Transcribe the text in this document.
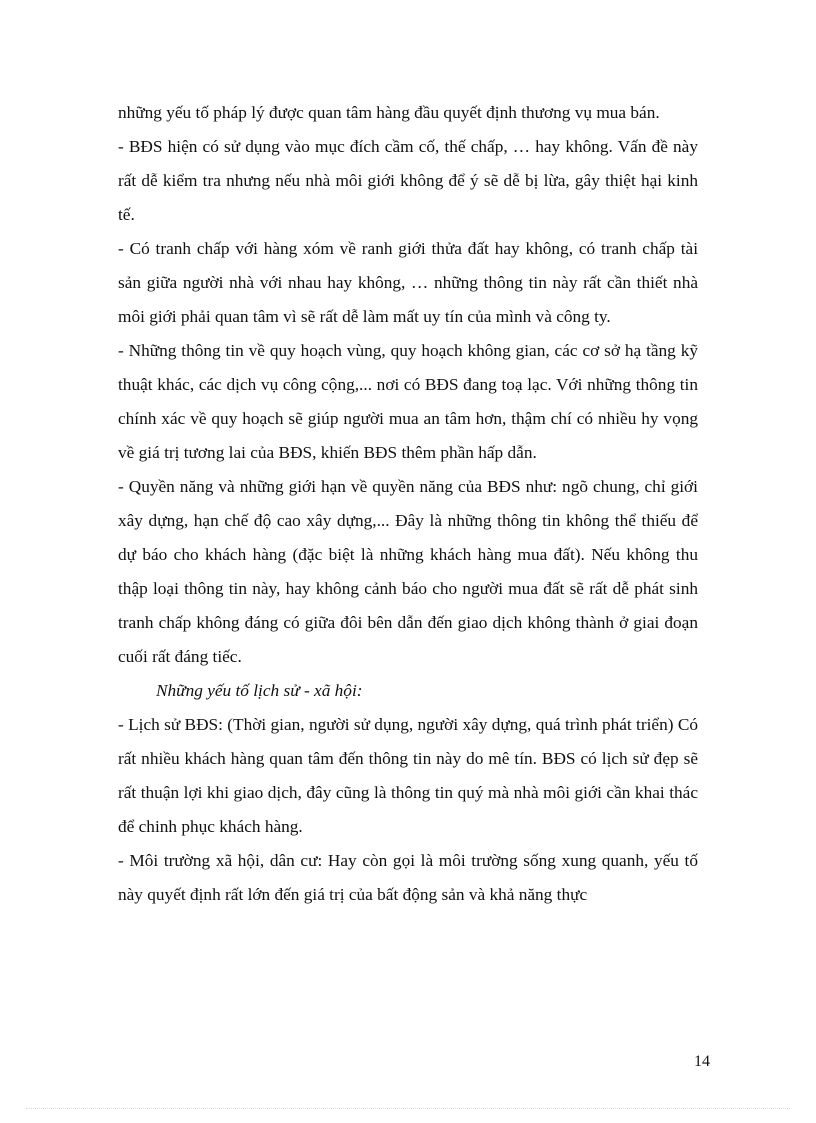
những yếu tố pháp lý được quan tâm hàng đầu quyết định thương vụ mua bán.

- BĐS hiện có sử dụng vào mục đích cầm cố, thế chấp, … hay không. Vấn đề này rất dễ kiểm tra nhưng nếu nhà môi giới không để ý sẽ dễ bị lừa, gây thiệt hại kinh tế.

- Có tranh chấp với hàng xóm về ranh giới thửa đất hay không, có tranh chấp tài sản giữa người nhà với nhau hay không, … những thông tin này rất cần thiết nhà môi giới phải quan tâm vì sẽ rất dễ làm mất uy tín của mình và công ty.

- Những thông tin về quy hoạch vùng, quy hoạch không gian, các cơ sở hạ tầng kỹ thuật khác, các dịch vụ công cộng,... nơi có BĐS đang toạ lạc. Với những thông tin chính xác về quy hoạch sẽ giúp người mua an tâm hơn, thậm chí có nhiều hy vọng về giá trị tương lai của BĐS, khiến BĐS thêm phần hấp dẫn.

- Quyền năng và những giới hạn về quyền năng của BĐS như: ngõ chung, chỉ giới xây dựng, hạn chế độ cao xây dựng,... Đây là những thông tin không thể thiếu để dự báo cho khách hàng (đặc biệt là những khách hàng mua đất). Nếu không thu thập loại thông tin này, hay không cảnh báo cho người mua đất sẽ rất dễ phát sinh tranh chấp không đáng có giữa đôi bên dẫn đến giao dịch không thành ở giai đoạn cuối rất đáng tiếc.

Những yếu tố lịch sử - xã hội:

- Lịch sử BĐS: (Thời gian, người sử dụng, người xây dựng, quá trình phát triển) Có rất nhiều khách hàng quan tâm đến thông tin này do mê tín. BĐS có lịch sử đẹp sẽ rất thuận lợi khi giao dịch, đây cũng là thông tin quý mà nhà môi giới cần khai thác để chinh phục khách hàng.

- Môi trường xã hội, dân cư: Hay còn gọi là môi trường sống xung quanh, yếu tố này quyết định rất lớn đến giá trị của bất động sản và khả năng thực

14
